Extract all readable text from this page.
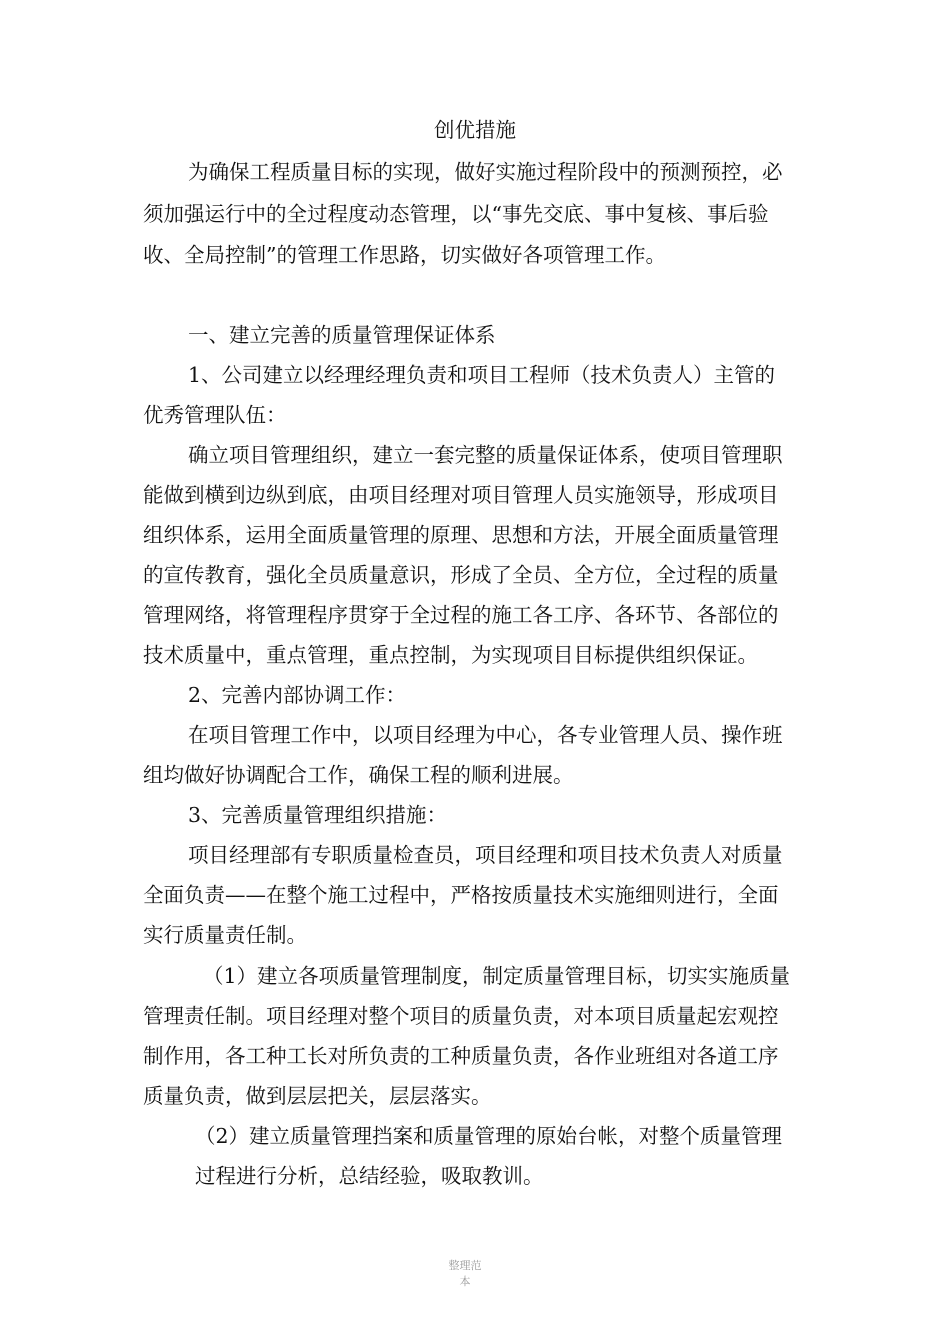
创优措施
为确保工程质量目标的实现，做好实施过程阶段中的预测预控，必
须加强运行中的全过程度动态管理，以“事先交底、事中复核、事后验
收、全局控制”的管理工作思路，切实做好各项管理工作。
一、建立完善的质量管理保证体系
1、公司建立以经理经理负责和项目工程师（技术负责人）主管的
优秀管理队伍：
确立项目管理组织，建立一套完整的质量保证体系，使项目管理职
能做到横到边纵到底，由项目经理对项目管理人员实施领导，形成项目
组织体系，运用全面质量管理的原理、思想和方法，开展全面质量管理
的宣传教育，强化全员质量意识，形成了全员、全方位，全过程的质量
管理网络，将管理程序贯穿于全过程的施工各工序、各环节、各部位的
技术质量中，重点管理，重点控制，为实现项目目标提供组织保证。
2、完善内部协调工作：
在项目管理工作中，以项目经理为中心，各专业管理人员、操作班
组均做好协调配合工作，确保工程的顺利进展。
3、完善质量管理组织措施：
项目经理部有专职质量检查员，项目经理和项目技术负责人对质量
全面负责——在整个施工过程中，严格按质量技术实施细则进行，全面
实行质量责任制。
（1）建立各项质量管理制度，制定质量管理目标，切实实施质量
管理责任制。项目经理对整个项目的质量负责，对本项目质量起宏观控
制作用，各工种工长对所负责的工种质量负责，各作业班组对各道工序
质量负责，做到层层把关，层层落实。
（2）建立质量管理挡案和质量管理的原始台帐，对整个质量管理
过程进行分析，总结经验，吸取教训。
整理范
本
